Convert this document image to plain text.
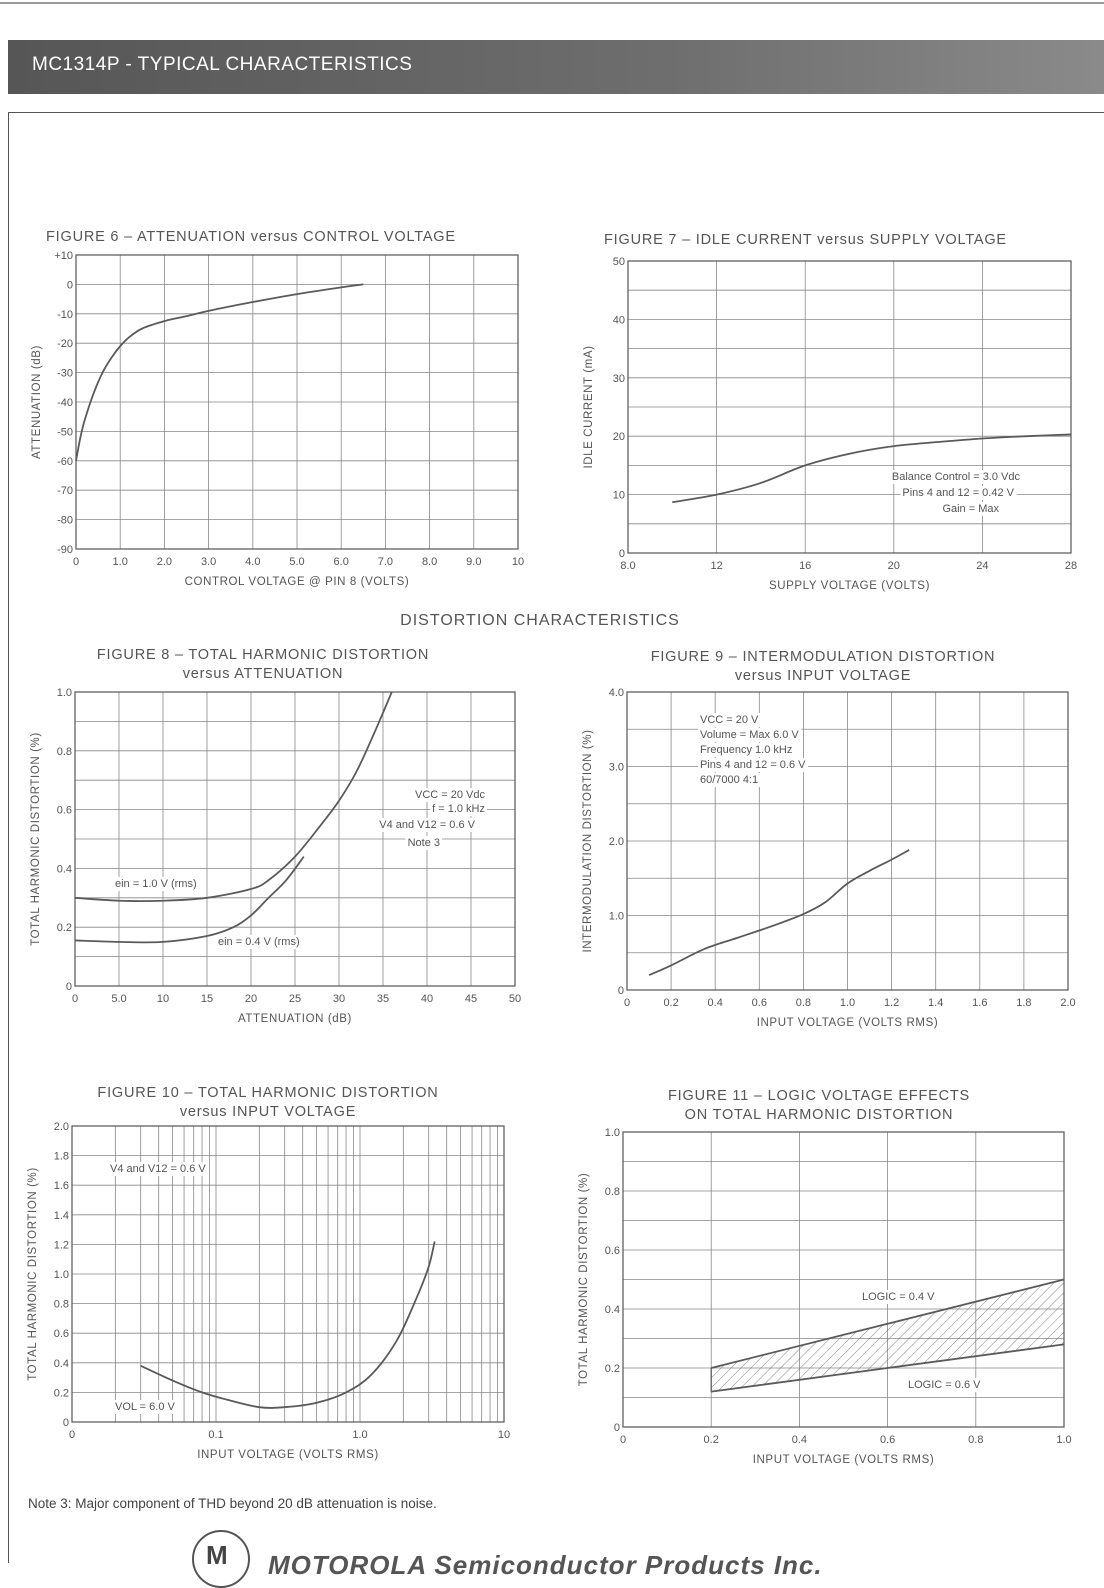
MC1314P - TYPICAL CHARACTERISTICS
FIGURE 6 – ATTENUATION versus CONTROL VOLTAGE	FIGURE 7 – IDLE CURRENT versus SUPPLY VOLTAGE
DISTORTION CHARACTERISTICS
FIGURE 8 – TOTAL HARMONIC DISTORTION
versus ATTENUATION
FIGURE 9 – INTERMODULATION DISTORTION
versus INPUT VOLTAGE
FIGURE 10 – TOTAL HARMONIC DISTORTION
versus INPUT VOLTAGE
FIGURE 11 – LOGIC VOLTAGE EFFECTS
ON TOTAL HARMONIC DISTORTION
0	1.0	2.0	3.0	4.0	5.0	6.0	7.0	8.0	9.0	10
+10
0
-10
-20
-30
-40
-50
-60
-70
-80
-90
CONTROL VOLTAGE @ PIN 8 (VOLTS)
ATTENUATION (dB)
8.0	12	16	20	24	28
0
10
20
30
40
50
SUPPLY VOLTAGE (VOLTS)
IDLE CURRENT (mA)
Balance Control = 3.0 Vdc
Pins 4 and 12 = 0.42 V
Gain = Max
0	5.0	10	15	20	25	30	35	40	45	50
0
0.2
0.4
0.6
0.8
1.0
ATTENUATION (dB)
TOTAL HARMONIC DISTORTION (%)	ein = 1.0 V (rms)
ein = 0.4 V (rms)
VCC = 20 Vdc
f = 1.0 kHz
V4 and V12 = 0.6 V
Note 3
0	0.2	0.4	0.6	0.8	1.0	1.2	1.4	1.6	1.8	2.0
0
1.0
2.0
3.0
4.0
INPUT VOLTAGE (VOLTS RMS)
INTERMODULATION DISTORTION (%)
VCC = 20 V
Volume = Max 6.0 V
Frequency 1.0 kHz
Pins 4 and 12 = 0.6 V
60/7000 4:1
0	0.1	1.0	10
0
0.2
0.4
0.6
0.8
1.0
1.2
1.4
1.6
1.8
2.0
INPUT VOLTAGE (VOLTS RMS)
TOTAL HARMONIC DISTORTION (%)	V4 and V12 = 0.6 V
VOL = 6.0 V
0	0.2	0.4	0.6	0.8	1.0
0
0.2
0.4
0.6
0.8
1.0
INPUT VOLTAGE (VOLTS RMS)
TOTAL HARMONIC DISTORTION (%)	LOGIC = 0.4 V
LOGIC = 0.6 V
Note 3: Major component of THD beyond 20 dB attenuation is noise.
M MOTOROLA Semiconductor Products Inc.
